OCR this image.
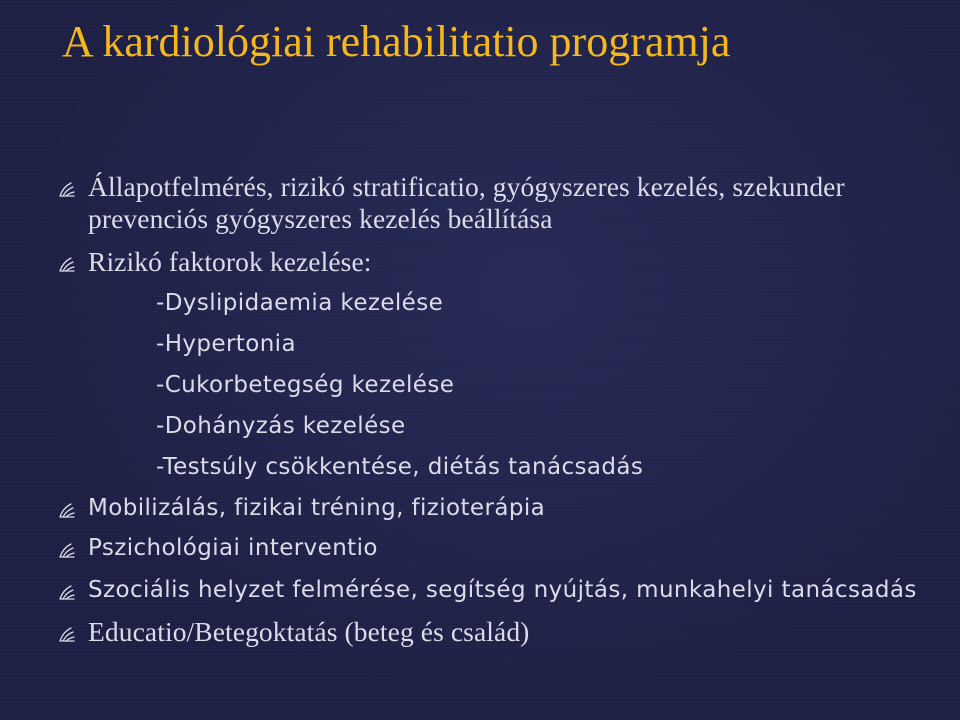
A kardiológiai rehabilitatio programja
Állapotfelmérés, rizikó stratificatio, gyógyszeres kezelés, szekunder prevenciós gyógyszeres kezelés beállítása
Rizikó faktorok kezelése:
-Dyslipidaemia kezelése
-Hypertonia
-Cukorbetegség kezelése
-Dohányzás kezelése
-Testsúly csökkentése, diétás tanácsadás
Mobilizálás, fizikai tréning, fizioterápia
Pszichológiai interventio
Szociális helyzet felmérése, segítség nyújtás, munkahelyi tanácsadás
Educatio/Betegoktatás (beteg és család)
